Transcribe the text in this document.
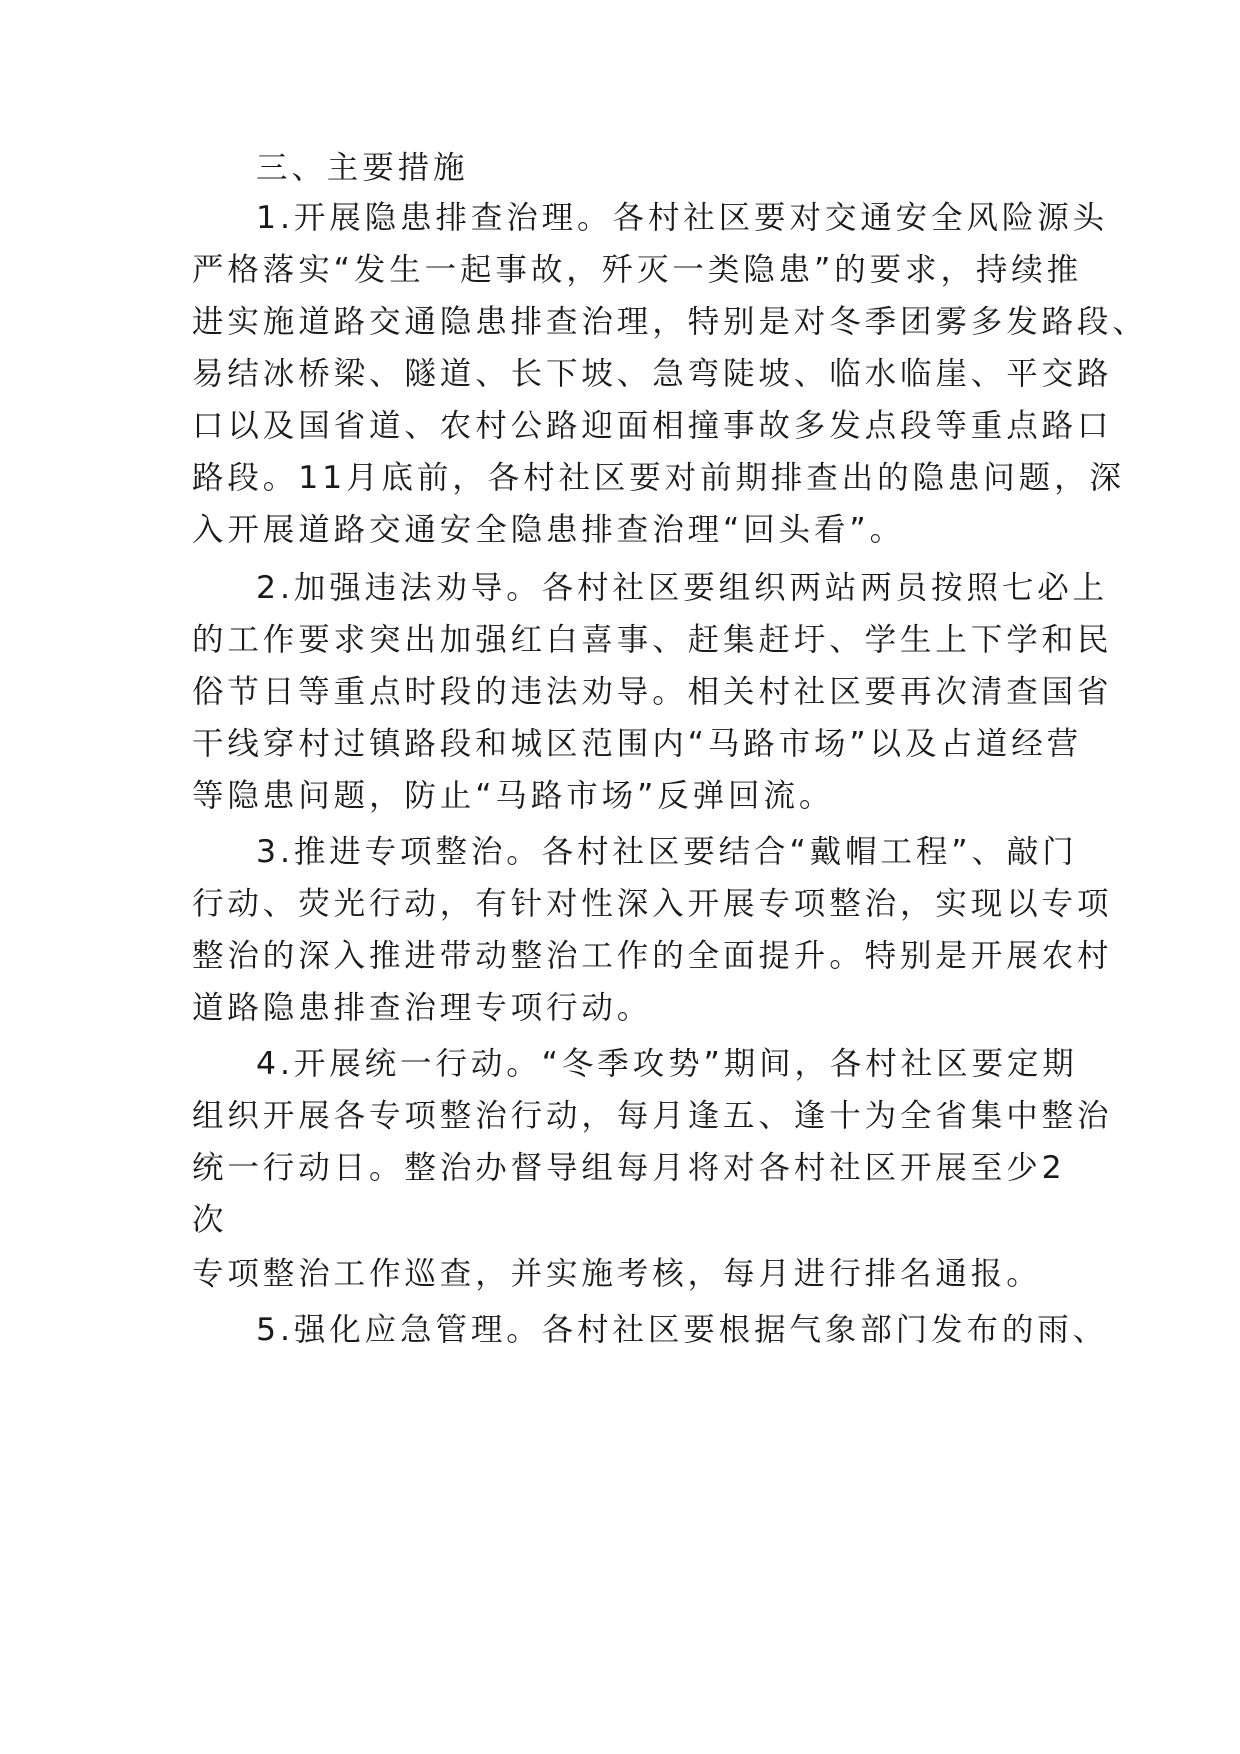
三、主要措施

1.开展隐患排查治理。各村社区要对交通安全风险源头

严格落实“发生一起事故，歼灭一类隐患”的要求，持续推

进实施道路交通隐患排查治理，特别是对冬季团雾多发路段、

易结冰桥梁、隧道、长下坡、急弯陡坡、临水临崖、平交路

口以及国省道、农村公路迎面相撞事故多发点段等重点路口

路段。11月底前，各村社区要对前期排查出的隐患问题，深

入开展道路交通安全隐患排查治理“回头看”。

2.加强违法劝导。各村社区要组织两站两员按照七必上

的工作要求突出加强红白喜事、赶集赶圩、学生上下学和民

俗节日等重点时段的违法劝导。相关村社区要再次清查国省

干线穿村过镇路段和城区范围内“马路市场”以及占道经营

等隐患问题，防止“马路市场”反弹回流。

3.推进专项整治。各村社区要结合“戴帽工程”、敲门

行动、荧光行动，有针对性深入开展专项整治，实现以专项

整治的深入推进带动整治工作的全面提升。特别是开展农村

道路隐患排查治理专项行动。

4.开展统一行动。“冬季攻势”期间，各村社区要定期

组织开展各专项整治行动，每月逢五、逢十为全省集中整治

统一行动日。整治办督导组每月将对各村社区开展至少2

次

专项整治工作巡查，并实施考核，每月进行排名通报。

5.强化应急管理。各村社区要根据气象部门发布的雨、
